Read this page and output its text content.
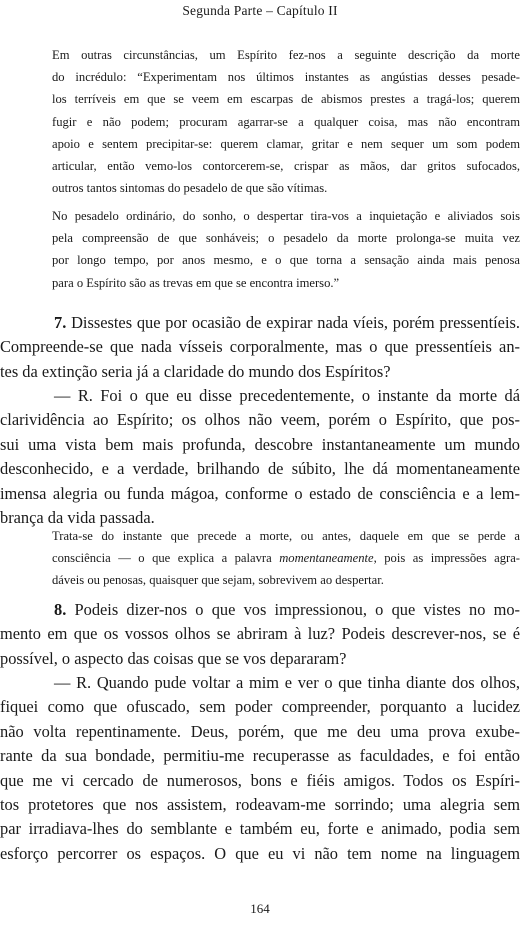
Segunda Parte – Capítulo II
Em outras circunstâncias, um Espírito fez-nos a seguinte descrição da morte
do incrédulo: “Experimentam nos últimos instantes as angústias desses pesade-
los terríveis em que se veem em escarpas de abismos prestes a tragá-los; querem
fugir e não podem; procuram agarrar-se a qualquer coisa, mas não encontram
apoio e sentem precipitar-se: querem clamar, gritar e nem sequer um som podem
articular, então vemo-los contorcerem-se, crispar as mãos, dar gritos sufocados,
outros tantos sintomas do pesadelo de que são vítimas.
No pesadelo ordinário, do sonho, o despertar tira-vos a inquietação e aliviados sois
pela compreensão de que sonháveis; o pesadelo da morte prolonga-se muita vez
por longo tempo, por anos mesmo, e o que torna a sensação ainda mais penosa
para o Espírito são as trevas em que se encontra imerso.”
7. Dissestes que por ocasião de expirar nada víeis, porém pressentíeis.
Compreende-se que nada vísseis corporalmente, mas o que pressentíeis an-
tes da extinção seria já a claridade do mundo dos Espíritos?
— R. Foi o que eu disse precedentemente, o instante da morte dá
clarividência ao Espírito; os olhos não veem, porém o Espírito, que pos-
sui uma vista bem mais profunda, descobre instantaneamente um mundo
desconhecido, e a verdade, brilhando de súbito, lhe dá momentaneamente
imensa alegria ou funda mágoa, conforme o estado de consciência e a lem-
brança da vida passada.
Trata-se do instante que precede a morte, ou antes, daquele em que se perde a
consciência — o que explica a palavra momentaneamente, pois as impressões agra-
dáveis ou penosas, quaisquer que sejam, sobrevivem ao despertar.
8. Podeis dizer-nos o que vos impressionou, o que vistes no mo-
mento em que os vossos olhos se abriram à luz? Podeis descrever-nos, se é
possível, o aspecto das coisas que se vos depararam?
— R. Quando pude voltar a mim e ver o que tinha diante dos olhos,
fiquei como que ofuscado, sem poder compreender, porquanto a lucidez
não volta repentinamente. Deus, porém, que me deu uma prova exube-
rante da sua bondade, permitiu-me recuperasse as faculdades, e foi então
que me vi cercado de numerosos, bons e fiéis amigos. Todos os Espíri-
tos protetores que nos assistem, rodeavam-me sorrindo; uma alegria sem
par irradiava-lhes do semblante e também eu, forte e animado, podia sem
esforço percorrer os espaços. O que eu vi não tem nome na linguagem
164
